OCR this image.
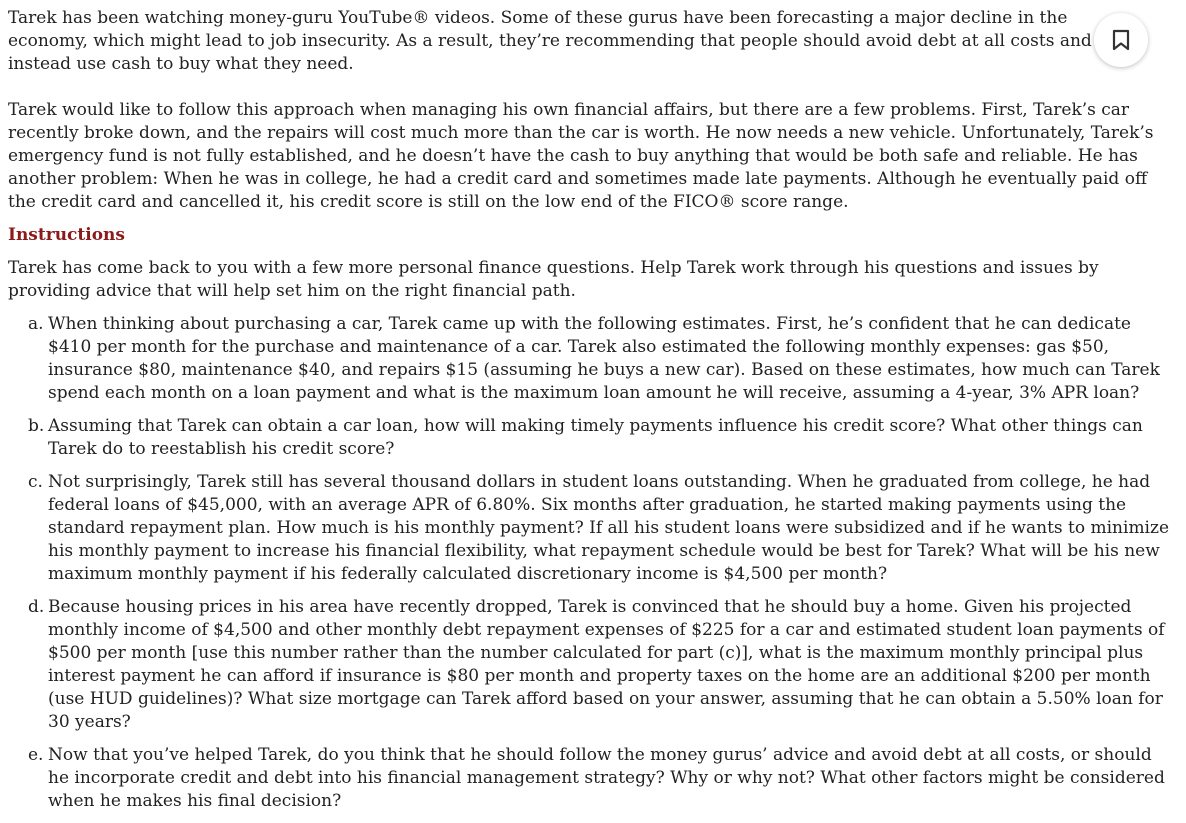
Tarek has been watching money-guru YouTube® videos. Some of these gurus have been forecasting a major decline in the economy, which might lead to job insecurity. As a result, they’re recommending that people should avoid debt at all costs and instead use cash to buy what they need.

Tarek would like to follow this approach when managing his own financial affairs, but there are a few problems. First, Tarek’s car recently broke down, and the repairs will cost much more than the car is worth. He now needs a new vehicle. Unfortunately, Tarek’s emergency fund is not fully established, and he doesn’t have the cash to buy anything that would be both safe and reliable. He has another problem: When he was in college, he had a credit card and sometimes made late payments. Although he eventually paid off the credit card and cancelled it, his credit score is still on the low end of the FICO® score range.

Instructions

Tarek has come back to you with a few more personal finance questions. Help Tarek work through his questions and issues by providing advice that will help set him on the right financial path.

a. When thinking about purchasing a car, Tarek came up with the following estimates. First, he’s confident that he can dedicate $410 per month for the purchase and maintenance of a car. Tarek also estimated the following monthly expenses: gas $50, insurance $80, maintenance $40, and repairs $15 (assuming he buys a new car). Based on these estimates, how much can Tarek spend each month on a loan payment and what is the maximum loan amount he will receive, assuming a 4-year, 3% APR loan?
b. Assuming that Tarek can obtain a car loan, how will making timely payments influence his credit score? What other things can Tarek do to reestablish his credit score?
c. Not surprisingly, Tarek still has several thousand dollars in student loans outstanding. When he graduated from college, he had federal loans of $45,000, with an average APR of 6.80%. Six months after graduation, he started making payments using the standard repayment plan. How much is his monthly payment? If all his student loans were subsidized and if he wants to minimize his monthly payment to increase his financial flexibility, what repayment schedule would be best for Tarek? What will be his new maximum monthly payment if his federally calculated discretionary income is $4,500 per month?
d. Because housing prices in his area have recently dropped, Tarek is convinced that he should buy a home. Given his projected monthly income of $4,500 and other monthly debt repayment expenses of $225 for a car and estimated student loan payments of $500 per month [use this number rather than the number calculated for part (c)], what is the maximum monthly principal plus interest payment he can afford if insurance is $80 per month and property taxes on the home are an additional $200 per month (use HUD guidelines)? What size mortgage can Tarek afford based on your answer, assuming that he can obtain a 5.50% loan for 30 years?
e. Now that you’ve helped Tarek, do you think that he should follow the money gurus’ advice and avoid debt at all costs, or should he incorporate credit and debt into his financial management strategy? Why or why not? What other factors might be considered when he makes his final decision?
